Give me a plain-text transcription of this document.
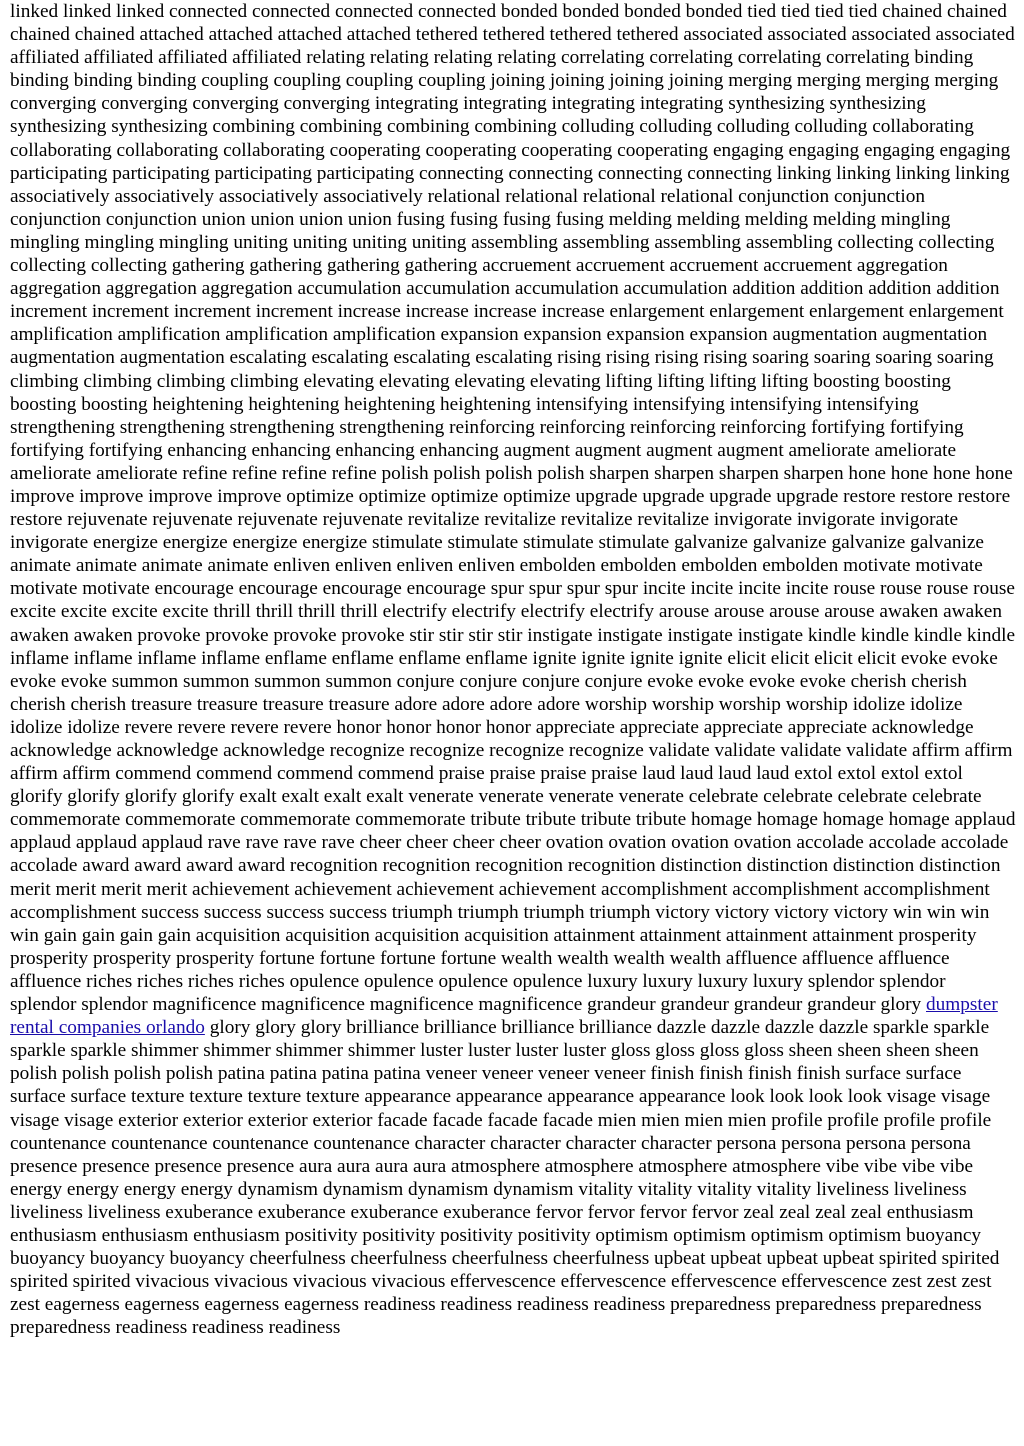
linked linked linked connected connected connected connected bonded bonded bonded bonded tied tied tied tied chained chained chained chained attached attached attached attached tethered tethered tethered tethered associated associated associated associated affiliated affiliated affiliated affiliated relating relating relating relating correlating correlating correlating correlating binding binding binding binding coupling coupling coupling coupling joining joining joining joining merging merging merging merging converging converging converging converging integrating integrating integrating integrating synthesizing synthesizing synthesizing synthesizing combining combining combining combining colluding colluding colluding colluding collaborating collaborating collaborating collaborating cooperating cooperating cooperating cooperating engaging engaging engaging engaging participating participating participating participating connecting connecting connecting connecting linking linking linking linking associatively associatively associatively associatively relational relational relational relational conjunction conjunction conjunction conjunction union union union union fusing fusing fusing fusing melding melding melding melding mingling mingling mingling mingling uniting uniting uniting uniting assembling assembling assembling assembling collecting collecting collecting collecting gathering gathering gathering gathering accruement accruement accruement accruement aggregation aggregation aggregation aggregation accumulation accumulation accumulation accumulation addition addition addition addition increment increment increment increment increase increase increase increase enlargement enlargement enlargement enlargement amplification amplification amplification amplification expansion expansion expansion expansion augmentation augmentation augmentation augmentation escalating escalating escalating escalating rising rising rising rising soaring soaring soaring soaring climbing climbing climbing climbing elevating elevating elevating elevating lifting lifting lifting lifting boosting boosting boosting boosting heightening heightening heightening heightening intensifying intensifying intensifying intensifying strengthening strengthening strengthening strengthening reinforcing reinforcing reinforcing reinforcing fortifying fortifying fortifying fortifying enhancing enhancing enhancing enhancing augment augment augment augment ameliorate ameliorate ameliorate ameliorate refine refine refine refine polish polish polish polish sharpen sharpen sharpen sharpen hone hone hone hone improve improve improve improve optimize optimize optimize optimize upgrade upgrade upgrade upgrade restore restore restore restore rejuvenate rejuvenate rejuvenate rejuvenate revitalize revitalize revitalize revitalize invigorate invigorate invigorate invigorate energize energize energize energize stimulate stimulate stimulate stimulate galvanize galvanize galvanize galvanize animate animate animate animate enliven enliven enliven enliven embolden embolden embolden embolden motivate motivate motivate motivate encourage encourage encourage encourage spur spur spur spur incite incite incite incite rouse rouse rouse rouse excite excite excite excite thrill thrill thrill thrill electrify electrify electrify electrify arouse arouse arouse arouse awaken awaken awaken awaken provoke provoke provoke provoke stir stir stir stir instigate instigate instigate instigate kindle kindle kindle kindle inflame inflame inflame inflame enflame enflame enflame enflame ignite ignite ignite ignite elicit elicit elicit elicit evoke evoke evoke evoke summon summon summon summon conjure conjure conjure conjure evoke evoke evoke evoke cherish cherish cherish cherish treasure treasure treasure treasure adore adore adore adore worship worship worship worship idolize idolize idolize idolize revere revere revere revere honor honor honor honor appreciate appreciate appreciate appreciate acknowledge acknowledge acknowledge acknowledge recognize recognize recognize recognize validate validate validate validate affirm affirm affirm affirm commend commend commend commend praise praise praise praise laud laud laud laud extol extol extol extol glorify glorify glorify glorify exalt exalt exalt exalt venerate venerate venerate venerate celebrate celebrate celebrate celebrate commemorate commemorate commemorate commemorate tribute tribute tribute tribute homage homage homage homage applaud applaud applaud applaud rave rave rave rave cheer cheer cheer cheer ovation ovation ovation ovation accolade accolade accolade accolade award award award award recognition recognition recognition recognition distinction distinction distinction distinction merit merit merit merit achievement achievement achievement achievement accomplishment accomplishment accomplishment accomplishment success success success success triumph triumph triumph triumph victory victory victory victory win win win win gain gain gain gain acquisition acquisition acquisition acquisition attainment attainment attainment attainment prosperity prosperity prosperity prosperity fortune fortune fortune fortune wealth wealth wealth wealth affluence affluence affluence affluence riches riches riches riches opulence opulence opulence opulence luxury luxury luxury luxury splendor splendor splendor splendor magnificence magnificence magnificence magnificence grandeur grandeur grandeur grandeur glory dumpster rental companies orlando glory glory glory brilliance brilliance brilliance brilliance dazzle dazzle dazzle dazzle sparkle sparkle sparkle sparkle shimmer shimmer shimmer shimmer luster luster luster luster gloss gloss gloss gloss sheen sheen sheen sheen polish polish polish polish patina patina patina patina veneer veneer veneer veneer finish finish finish finish surface surface surface surface texture texture texture texture appearance appearance appearance appearance look look look look visage visage visage visage exterior exterior exterior exterior facade facade facade facade mien mien mien mien profile profile profile profile countenance countenance countenance countenance character character character character persona persona persona persona presence presence presence presence aura aura aura aura atmosphere atmosphere atmosphere atmosphere vibe vibe vibe vibe energy energy energy energy dynamism dynamism dynamism dynamism vitality vitality vitality vitality liveliness liveliness liveliness liveliness exuberance exuberance exuberance exuberance fervor fervor fervor fervor zeal zeal zeal zeal enthusiasm enthusiasm enthusiasm enthusiasm positivity positivity positivity positivity optimism optimism optimism optimism buoyancy buoyancy buoyancy buoyancy cheerfulness cheerfulness cheerfulness cheerfulness upbeat upbeat upbeat upbeat spirited spirited spirited spirited vivacious vivacious vivacious vivacious effervescence effervescence effervescence effervescence zest zest zest zest eagerness eagerness eagerness eagerness readiness readiness readiness readiness preparedness preparedness preparedness preparedness readiness readiness readiness
